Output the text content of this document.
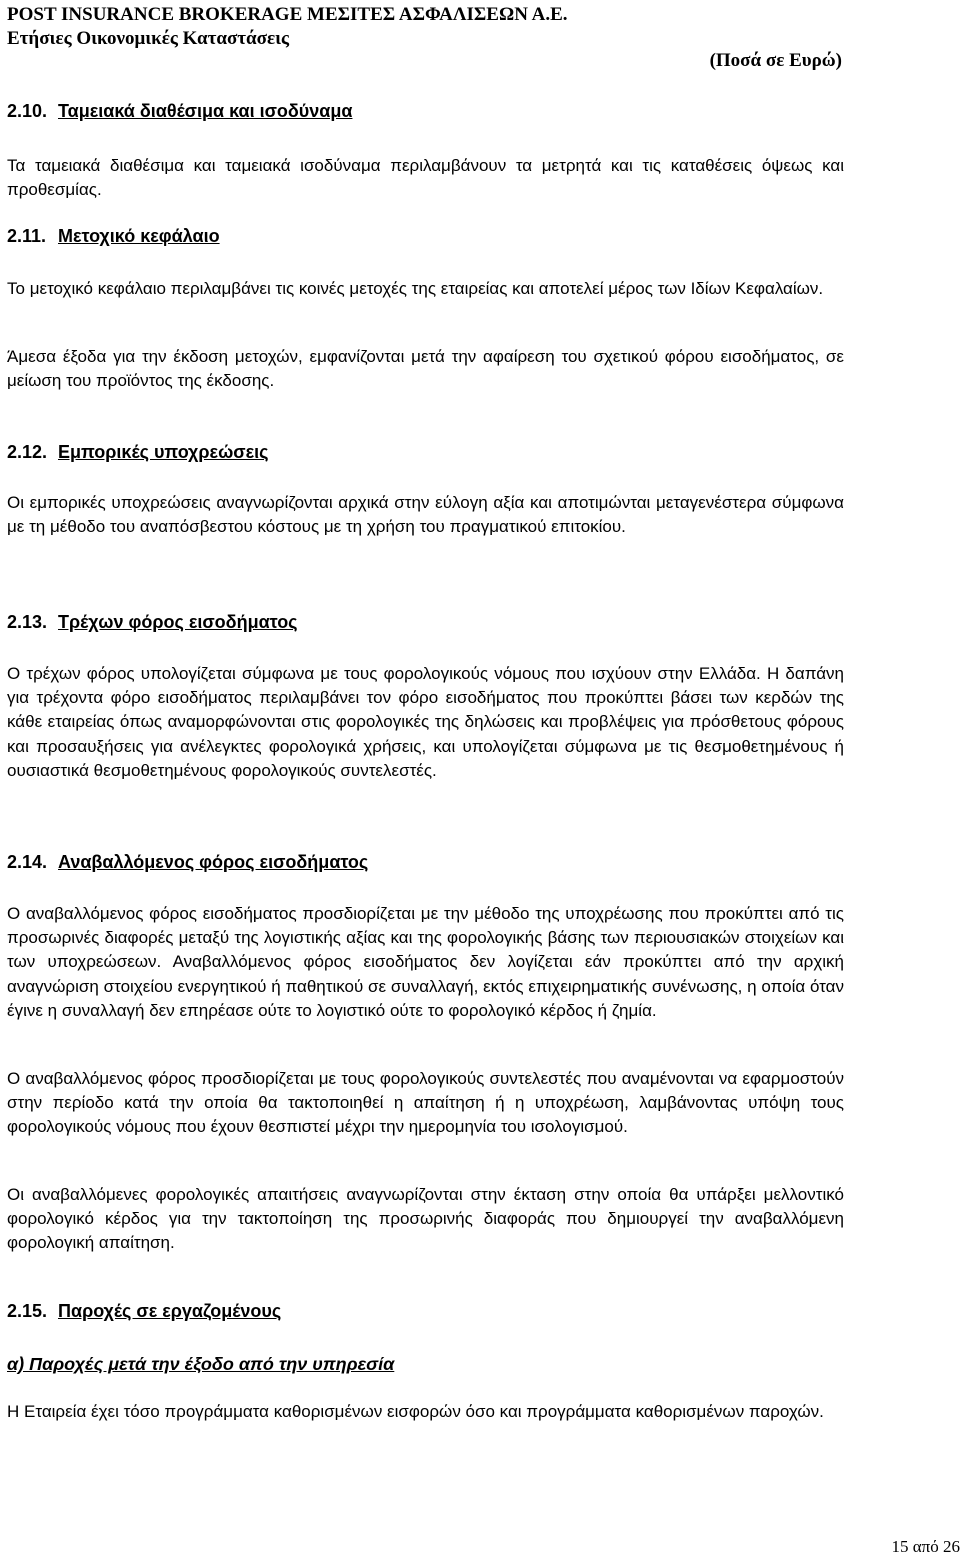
POST INSURANCE BROKERAGE ΜΕΣΙΤΕΣ ΑΣΦΑΛΙΣΕΩΝ Α.Ε.
Ετήσιες Οικονομικές Καταστάσεις
(Ποσά σε Ευρώ)
2.10. Ταμειακά διαθέσιμα και ισοδύναμα
Τα ταμειακά διαθέσιμα και ταμειακά ισοδύναμα περιλαμβάνουν τα μετρητά και τις καταθέσεις όψεως και προθεσμίας.
2.11. Μετοχικό κεφάλαιο
Το μετοχικό κεφάλαιο περιλαμβάνει τις κοινές μετοχές της εταιρείας και αποτελεί μέρος των Ιδίων Κεφαλαίων.
Άμεσα έξοδα για την έκδοση μετοχών, εμφανίζονται μετά την αφαίρεση του σχετικού φόρου εισοδήματος, σε μείωση του προϊόντος της έκδοσης.
2.12. Εμπορικές υποχρεώσεις
Οι εμπορικές υποχρεώσεις αναγνωρίζονται αρχικά στην εύλογη αξία και αποτιμώνται μεταγενέστερα σύμφωνα με τη μέθοδο του αναπόσβεστου κόστους με τη χρήση του πραγματικού επιτοκίου.
2.13. Τρέχων φόρος εισοδήματος
Ο τρέχων φόρος υπολογίζεται σύμφωνα με τους φορολογικούς νόμους που ισχύουν στην Ελλάδα. Η δαπάνη για τρέχοντα φόρο εισοδήματος περιλαμβάνει τον φόρο εισοδήματος που προκύπτει βάσει των κερδών της κάθε εταιρείας όπως αναμορφώνονται στις φορολογικές της δηλώσεις και προβλέψεις για πρόσθετους φόρους και προσαυξήσεις για ανέλεγκτες φορολογικά χρήσεις, και υπολογίζεται σύμφωνα με τις θεσμοθετημένους ή ουσιαστικά θεσμοθετημένους φορολογικούς συντελεστές.
2.14. Αναβαλλόμενος φόρος εισοδήματος
Ο αναβαλλόμενος φόρος εισοδήματος προσδιορίζεται με την μέθοδο της υποχρέωσης που προκύπτει από τις προσωρινές διαφορές μεταξύ της λογιστικής αξίας και της φορολογικής βάσης των περιουσιακών στοιχείων και των υποχρεώσεων. Αναβαλλόμενος φόρος εισοδήματος δεν λογίζεται εάν προκύπτει από την αρχική αναγνώριση στοιχείου ενεργητικού ή παθητικού σε συναλλαγή, εκτός επιχειρηματικής συνένωσης, η οποία όταν έγινε η συναλλαγή δεν επηρέασε ούτε το λογιστικό ούτε το φορολογικό κέρδος ή ζημία.
Ο αναβαλλόμενος φόρος προσδιορίζεται με τους φορολογικούς συντελεστές που αναμένονται να εφαρμοστούν στην περίοδο κατά την οποία θα τακτοποιηθεί η απαίτηση ή η υποχρέωση, λαμβάνοντας υπόψη τους φορολογικούς νόμους που έχουν θεσπιστεί μέχρι την ημερομηνία του ισολογισμού.
Οι αναβαλλόμενες φορολογικές απαιτήσεις αναγνωρίζονται στην έκταση στην οποία θα υπάρξει μελλοντικό φορολογικό κέρδος για την τακτοποίηση της προσωρινής διαφοράς που δημιουργεί την αναβαλλόμενη φορολογική απαίτηση.
2.15. Παροχές σε εργαζομένους
α) Παροχές μετά την έξοδο από την υπηρεσία
Η Εταιρεία έχει τόσο προγράμματα καθορισμένων εισφορών όσο και προγράμματα καθορισμένων παροχών.
15 από 26
